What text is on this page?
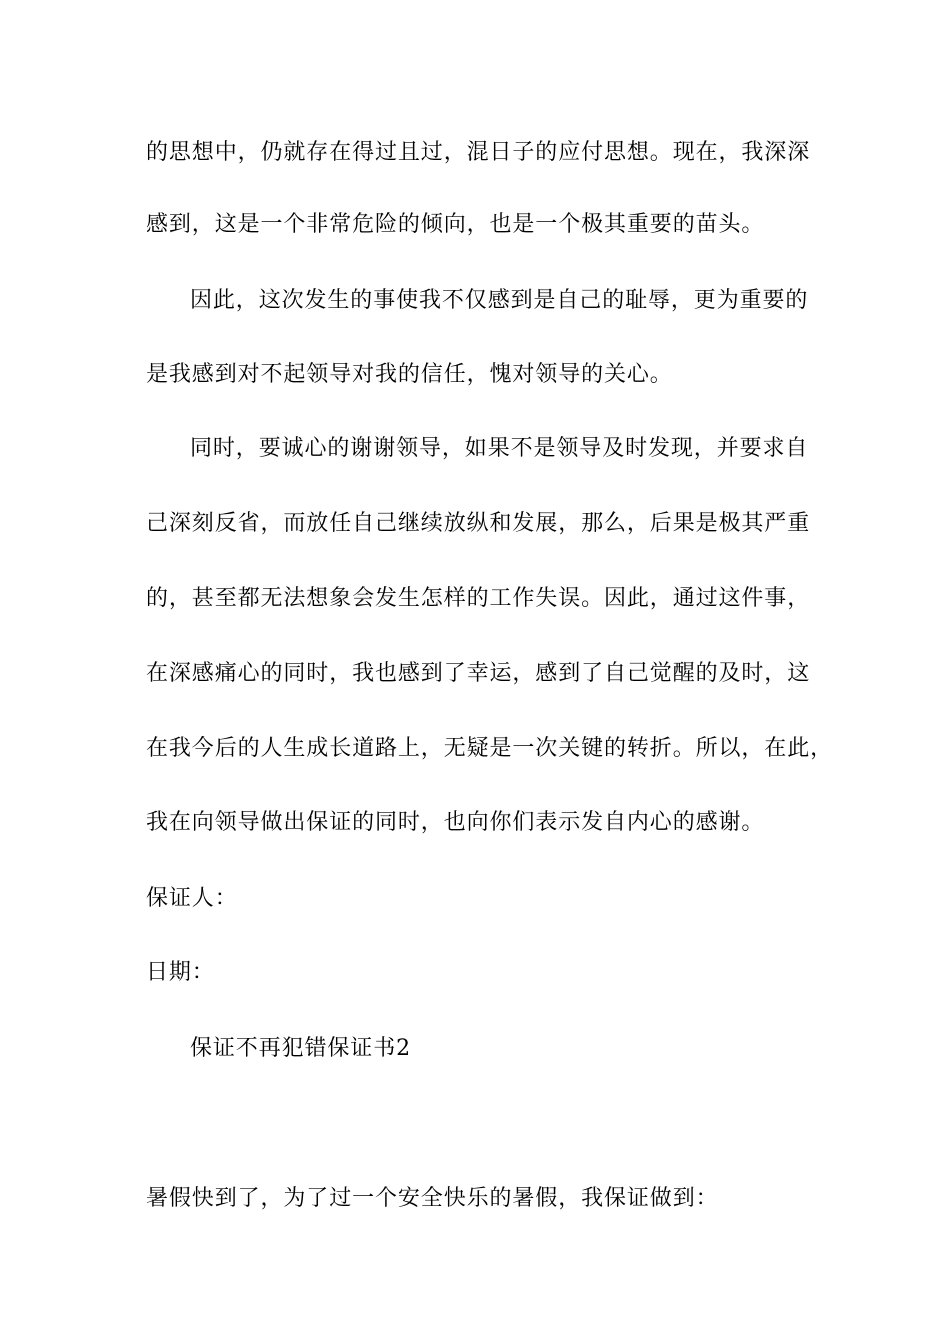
的思想中，仍就存在得过且过，混日子的应付思想。现在，我深深
感到，这是一个非常危险的倾向，也是一个极其重要的苗头。
因此，这次发生的事使我不仅感到是自己的耻辱，更为重要的
是我感到对不起领导对我的信任，愧对领导的关心。
同时，要诚心的谢谢领导，如果不是领导及时发现，并要求自
己深刻反省，而放任自己继续放纵和发展，那么，后果是极其严重
的，甚至都无法想象会发生怎样的工作失误。因此，通过这件事，
在深感痛心的同时，我也感到了幸运，感到了自己觉醒的及时，这
在我今后的人生成长道路上，无疑是一次关键的转折。所以，在此，
我在向领导做出保证的同时，也向你们表示发自内心的感谢。
保证人：
日期：
保证不再犯错保证书2
暑假快到了，为了过一个安全快乐的暑假，我保证做到：
